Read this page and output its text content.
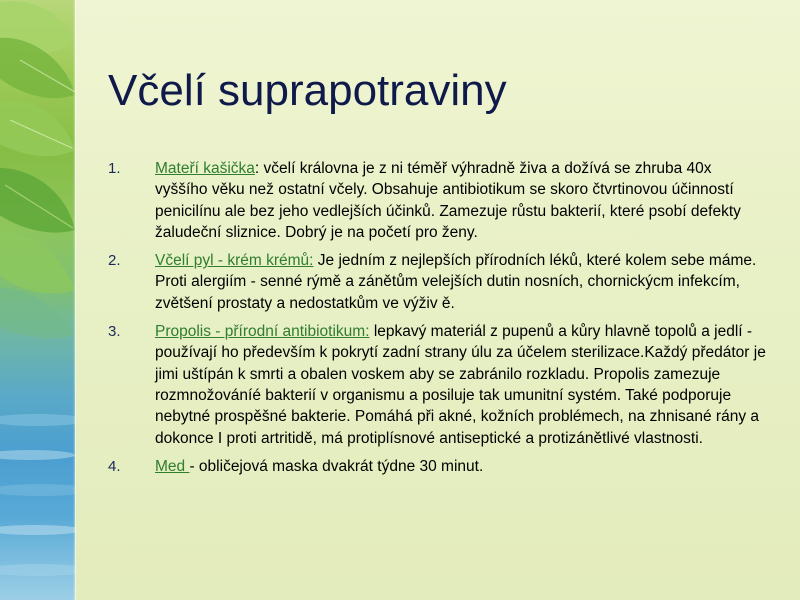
Včelí suprapotraviny
1. Mateří kašička: včelí královna je z ni téměř výhradně živa a dožívá se zhruba 40x vyššího věku než ostatní včely. Obsahuje antibiotikum se skoro čtvrtinovou účinností penicilínu ale bez jeho vedlejších účinků. Zamezuje růstu bakterií, které psobí defekty žaludeční sliznice. Dobrý je na početí pro ženy.
2. Včelí pyl - krém krémů: Je jedním z nejlepších přírodních léků, které kolem sebe máme. Proti alergiím - senné rýmě a zánětům velejších dutin nosních, chornickýcm infekcím, zvětšení prostaty a nedostatkům ve výživ ě.
3. Propolis - přírodní antibiotikum: lepkavý materiál z pupenů a kůry hlavně topolů a jedlí - používají ho především k pokrytí zadní strany úlu za účelem sterilizace.Každý předátor je jimi uštípán k smrti a obalen voskem aby se zabránilo rozkladu. Propolis zamezuje rozmnožováníé bakterií v organismu a posiluje tak umunitní systém. Také podporuje nebytné prospěšné bakterie. Pomáhá při akné, kožních problémech, na zhnisané rány a dokonce I proti artritidě, má protiplísnové antiseptické a protizánětlivé vlastnosti.
4. Med - obličejová maska dvakrát týdne 30 minut.
